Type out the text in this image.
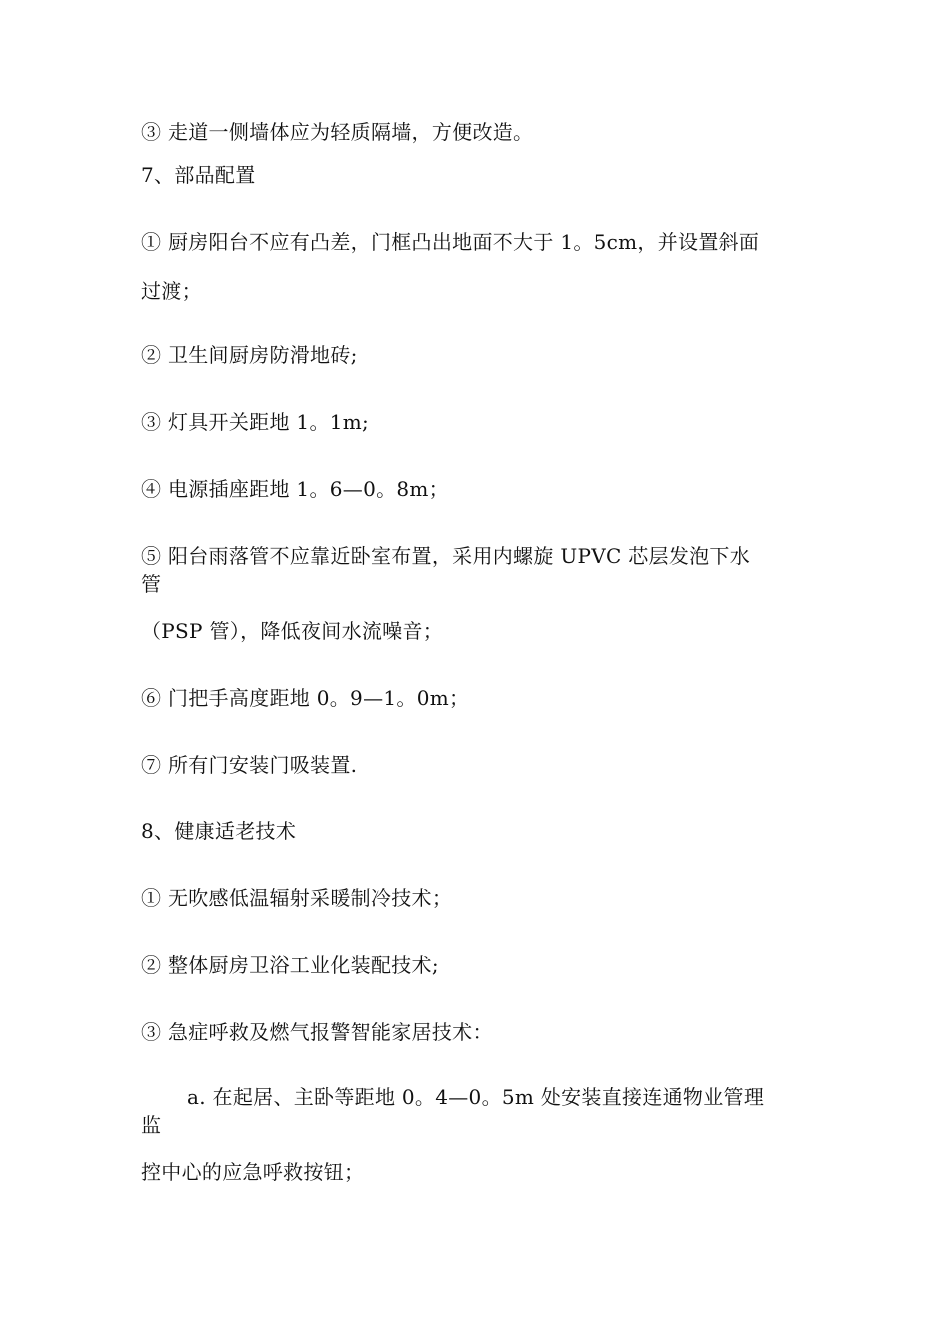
③ 走道一侧墙体应为轻质隔墙，方便改造。

7、部品配置

① 厨房阳台不应有凸差，门框凸出地面不大于 1。5cm，并设置斜面

过渡；

② 卫生间厨房防滑地砖;

③ 灯具开关距地 1。1m;

④ 电源插座距地 1。6—0。8m；

⑤ 阳台雨落管不应靠近卧室布置，采用内螺旋 UPVC 芯层发泡下水

管

（PSP 管），降低夜间水流噪音；

⑥ 门把手高度距地 0。9—1。0m；

⑦ 所有门安装门吸装置.

8、健康适老技术

① 无吹感低温辐射采暖制冷技术；

② 整体厨房卫浴工业化装配技术;

③ 急症呼救及燃气报警智能家居技术：

a. 在起居、主卧等距地 0。4—0。5m 处安装直接连通物业管理

监

控中心的应急呼救按钮；
